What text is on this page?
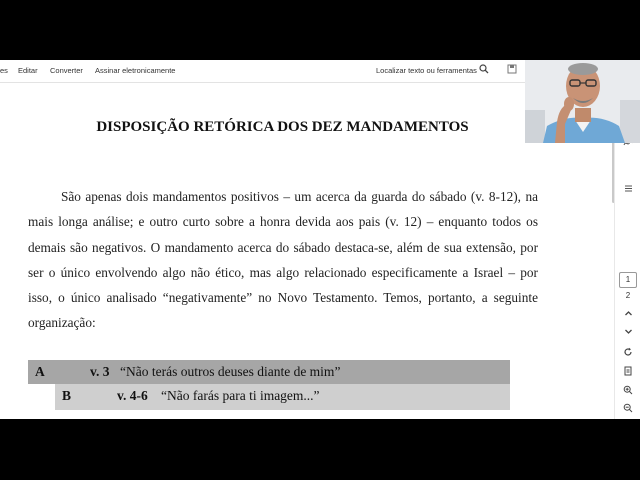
es Editar Converter Assinar eletronicamente	Localizar texto ou ferramentas
DISPOSIÇÃO RETÓRICA DOS DEZ MANDAMENTOS

São apenas dois mandamentos positivos – um acerca da guarda do sábado (v. 8-12), na mais longa análise; e outro curto sobre a honra devida aos pais (v. 12) – enquanto todos os demais são negativos. O mandamento acerca do sábado destaca-se, além de sua extensão, por ser o único envolvendo algo não ético, mas algo relacionado especificamente a Israel – por isso, o único analisado “negativamente” no Novo Testamento. Temos, portanto, a seguinte organização:

A	v. 3 “Não terás outros deuses diante de mim”
B	v. 4-6 “Não farás para ti imagem...”
1
2
